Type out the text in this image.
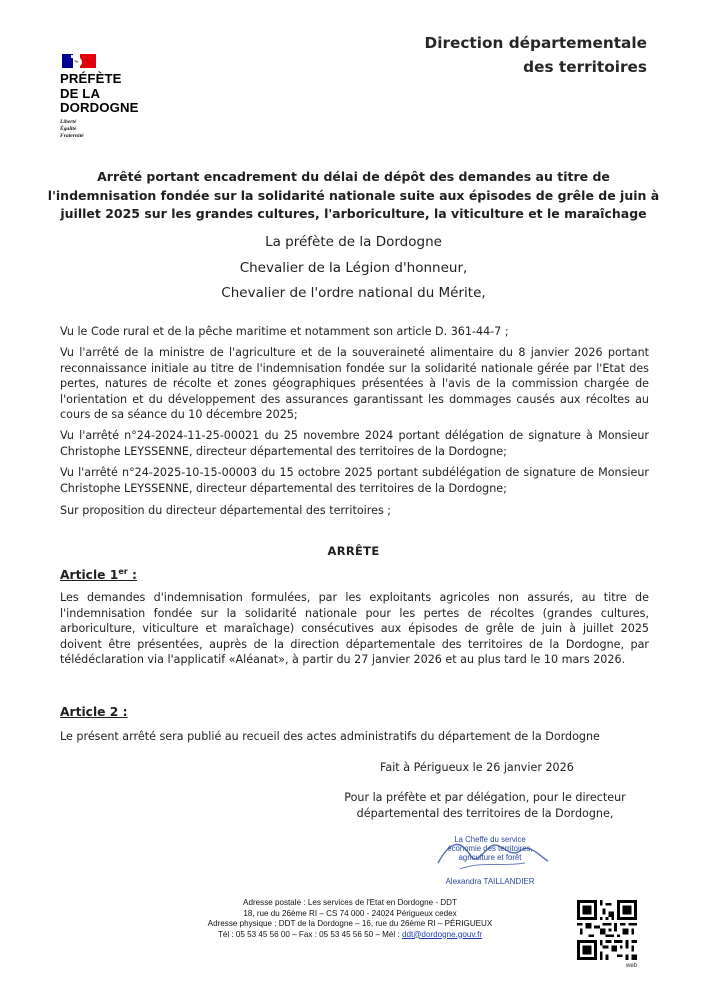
PRÉFÈTE
DE LA
DORDOGNE
Liberté
Égalité
Fraternité
Direction départementale
des territoires
Arrêté portant encadrement du délai de dépôt des demandes au titre de l'indemnisation fondée sur la solidarité nationale suite aux épisodes de grêle de juin à juillet 2025 sur les grandes cultures, l'arboriculture, la viticulture et le maraîchage
La préfète de la Dordogne
Chevalier de la Légion d'honneur,
Chevalier de l'ordre national du Mérite,
Vu le Code rural et de la pêche maritime et notamment son article D. 361-44-7 ;
Vu l'arrêté de la ministre de l'agriculture et de la souveraineté alimentaire du 8 janvier 2026 portant reconnaissance initiale au titre de l'indemnisation fondée sur la solidarité nationale gérée par l'Etat des pertes, natures de récolte et zones géographiques présentées à l'avis de la commission chargée de l'orientation et du développement des assurances garantissant les dommages causés aux récoltes au cours de sa séance du 10 décembre 2025;
Vu l'arrêté n°24-2024-11-25-00021 du 25 novembre 2024 portant délégation de signature à Monsieur Christophe LEYSSENNE, directeur départemental des territoires de la Dordogne;
Vu l'arrêté n°24-2025-10-15-00003 du 15 octobre 2025 portant subdélégation de signature de Monsieur Christophe LEYSSENNE, directeur départemental des territoires de la Dordogne;
Sur proposition du directeur départemental des territoires ;
ARRÊTE
Article 1er :
Les demandes d'indemnisation formulées, par les exploitants agricoles non assurés, au titre de l'indemnisation fondée sur la solidarité nationale pour les pertes de récoltes (grandes cultures, arboriculture, viticulture et maraîchage) consécutives aux épisodes de grêle de juin à juillet 2025 doivent être présentées, auprès de la direction départementale des territoires de la Dordogne, par télédéclaration via l'applicatif «Aléanat», à partir du 27 janvier 2026 et au plus tard le 10 mars 2026.
Article 2 :
Le présent arrêté sera publié au recueil des actes administratifs du département de la Dordogne
Fait à Périgueux le 26 janvier 2026
Pour la préfète et par délégation, pour le directeur
départemental des territoires de la Dordogne,
La Cheffe du service
économie des territoires,
agriculture et forêt
Alexandra TAILLANDIER
Adresse postale : Les services de l'Etat en Dordogne - DDT
18, rue du 26ème RI – CS 74 000 - 24024 Périgueux cedex
Adresse physique : DDT de la Dordogne – 16, rue du 26ème RI – PÉRIGUEUX
Tél : 05 53 45 56 00 – Fax : 05 53 45 56 50 – Mél : ddt@dordogne.gouv.fr
web
